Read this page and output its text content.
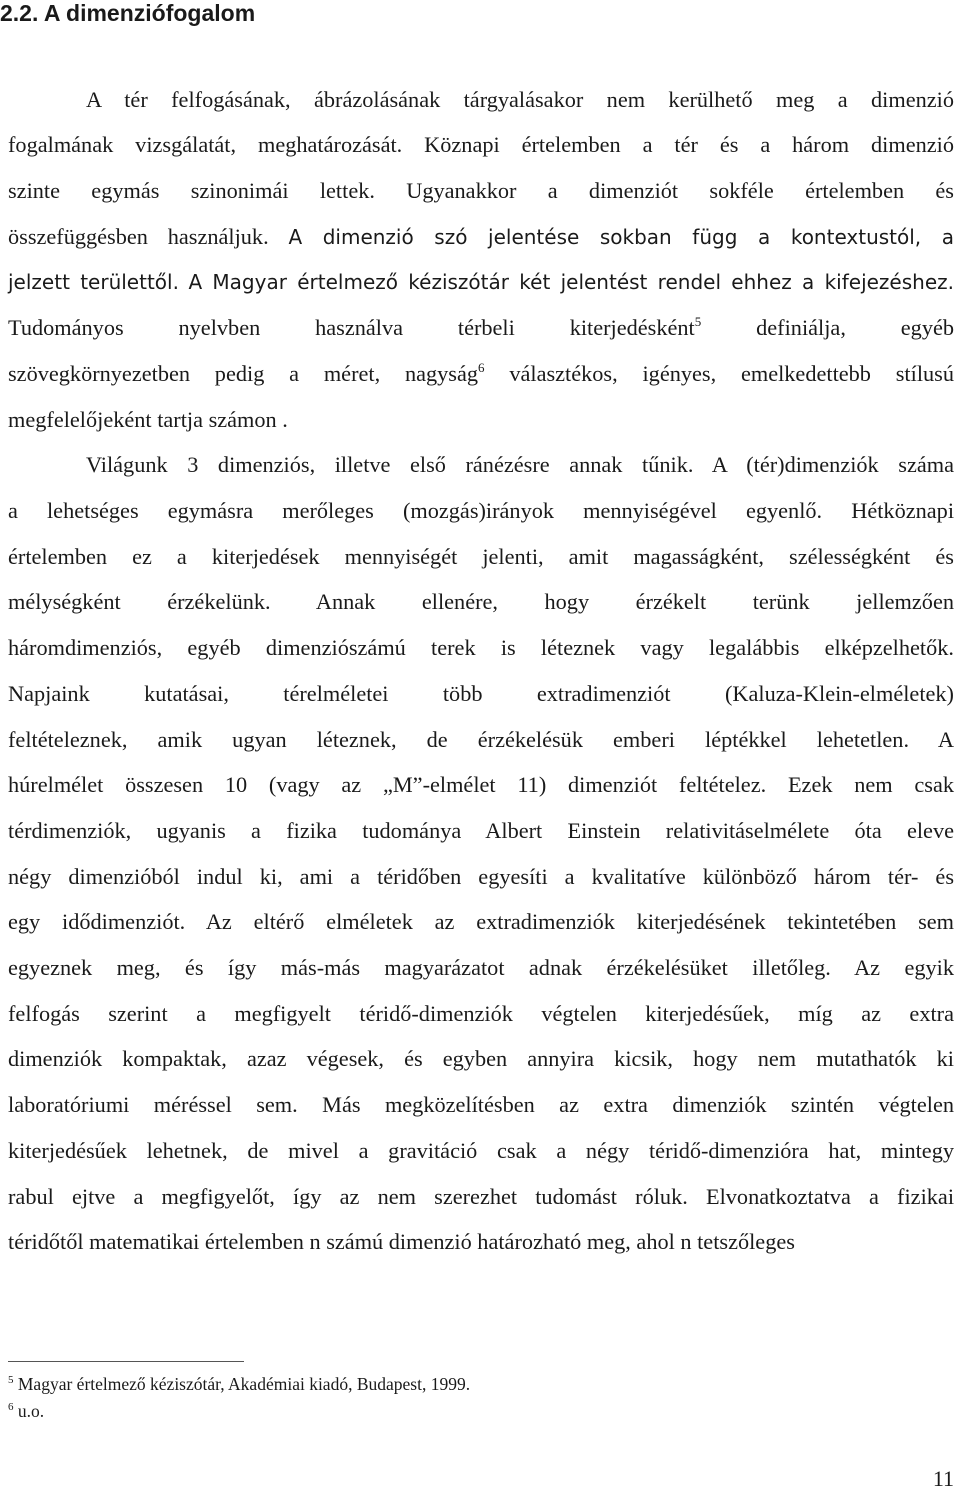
2.2. A dimenziófogalom
A tér felfogásának, ábrázolásának tárgyalásakor nem kerülhető meg a dimenzió
fogalmának vizsgálatát, meghatározását. Köznapi értelemben a tér és a három dimenzió
szinte egymás szinonimái lettek. Ugyanakkor a dimenziót sokféle értelemben és
összefüggésben használjuk. A dimenzió szó jelentése sokban függ a kontextustól, a
jelzett területtől. A Magyar értelmező kéziszótár két jelentést rendel ehhez a kifejezéshez.
Tudományos nyelvben használva térbeli kiterjedésként$^5$ definiálja, egyéb
szövegkörnyezetben pedig a méret, nagyság$^6$ választékos, igényes, emelkedettebb stílusú
megfelelőjeként tartja számon .
Világunk 3 dimenziós, illetve első ránézésre annak tűnik. A (tér)dimenziók száma
a lehetséges egymásra merőleges (mozgás)irányok mennyiségével egyenlő. Hétköznapi
értelemben ez a kiterjedések mennyiségét jelenti, amit magasságként, szélességként és
mélységként érzékelünk. Annak ellenére, hogy érzékelt terünk jellemzően
háromdimenziós, egyéb dimenziószámú terek is léteznek vagy legalábbis elképzelhetők.
Napjaink kutatásai, térelméletei több extradimenziót (Kaluza-Klein-elméletek)
feltételeznek, amik ugyan léteznek, de érzékelésük emberi léptékkel lehetetlen. A
húrelmélet összesen 10 (vagy az „M”-elmélet 11) dimenziót feltételez. Ezek nem csak
térdimenziók, ugyanis a fizika tudománya Albert Einstein relativitáselmélete óta eleve
négy dimenzióból indul ki, ami a téridőben egyesíti a kvalitatíve különböző három tér- és
egy idődimenziót. Az eltérő elméletek az extradimenziók kiterjedésének tekintetében sem
egyeznek meg, és így más-más magyarázatot adnak érzékelésüket illetőleg. Az egyik
felfogás szerint a megfigyelt téridő-dimenziók végtelen kiterjedésűek, míg az extra
dimenziók kompaktak, azaz végesek, és egyben annyira kicsik, hogy nem mutathatók ki
laboratóriumi méréssel sem. Más megközelítésben az extra dimenziók szintén végtelen
kiterjedésűek lehetnek, de mivel a gravitáció csak a négy téridő-dimenzióra hat, mintegy
rabul ejtve a megfigyelőt, így az nem szerezhet tudomást róluk. Elvonatkoztatva a fizikai
téridőtől matematikai értelemben n számú dimenzió határozható meg, ahol n tetszőleges
$^5$ Magyar értelmező kéziszótár, Akadémiai kiadó, Budapest, 1999.
$^6$ u.o.
11
